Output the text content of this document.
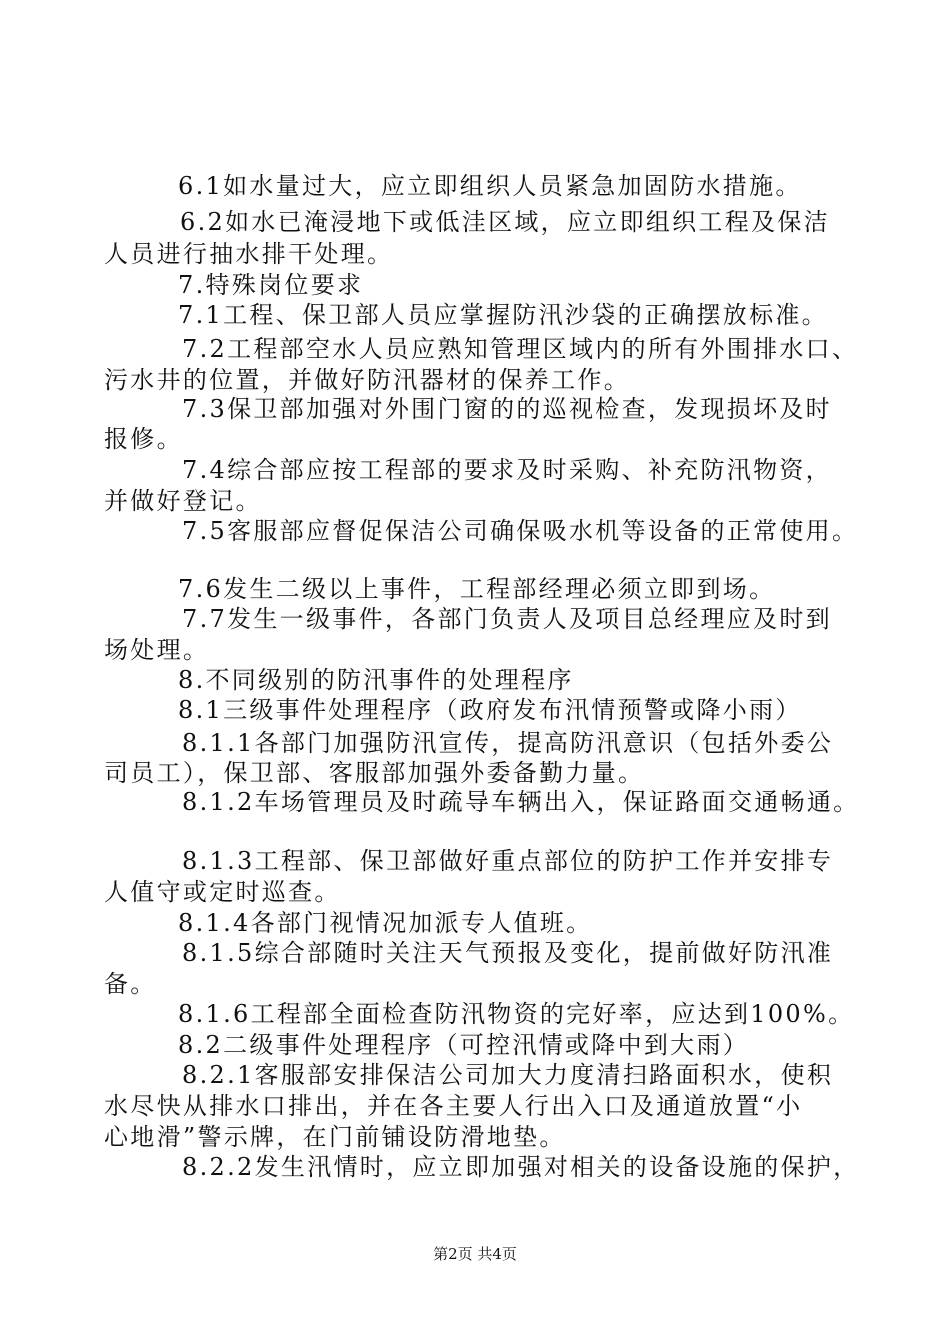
6.1如水量过大，应立即组织人员紧急加固防水措施。
6.2如水已淹浸地下或低洼区域，应立即组织工程及保洁
人员进行抽水排干处理。
7.特殊岗位要求
7.1工程、保卫部人员应掌握防汛沙袋的正确摆放标准。
7.2工程部空水人员应熟知管理区域内的所有外围排水口、
污水井的位置，并做好防汛器材的保养工作。
7.3保卫部加强对外围门窗的的巡视检查，发现损坏及时
报修。
7.4综合部应按工程部的要求及时采购、补充防汛物资，
并做好登记。
7.5客服部应督促保洁公司确保吸水机等设备的正常使用。
7.6发生二级以上事件，工程部经理必须立即到场。
7.7发生一级事件，各部门负责人及项目总经理应及时到
场处理。
8.不同级别的防汛事件的处理程序
8.1三级事件处理程序（政府发布汛情预警或降小雨）
8.1.1各部门加强防汛宣传，提高防汛意识（包括外委公
司员工），保卫部、客服部加强外委备勤力量。
8.1.2车场管理员及时疏导车辆出入，保证路面交通畅通。
8.1.3工程部、保卫部做好重点部位的防护工作并安排专
人值守或定时巡查。
8.1.4各部门视情况加派专人值班。
8.1.5综合部随时关注天气预报及变化，提前做好防汛准
备。
8.1.6工程部全面检查防汛物资的完好率，应达到100%。
8.2二级事件处理程序（可控汛情或降中到大雨）
8.2.1客服部安排保洁公司加大力度清扫路面积水，使积
水尽快从排水口排出，并在各主要人行出入口及通道放置“小
心地滑”警示牌，在门前铺设防滑地垫。
8.2.2发生汛情时，应立即加强对相关的设备设施的保护，
第2页 共4页
